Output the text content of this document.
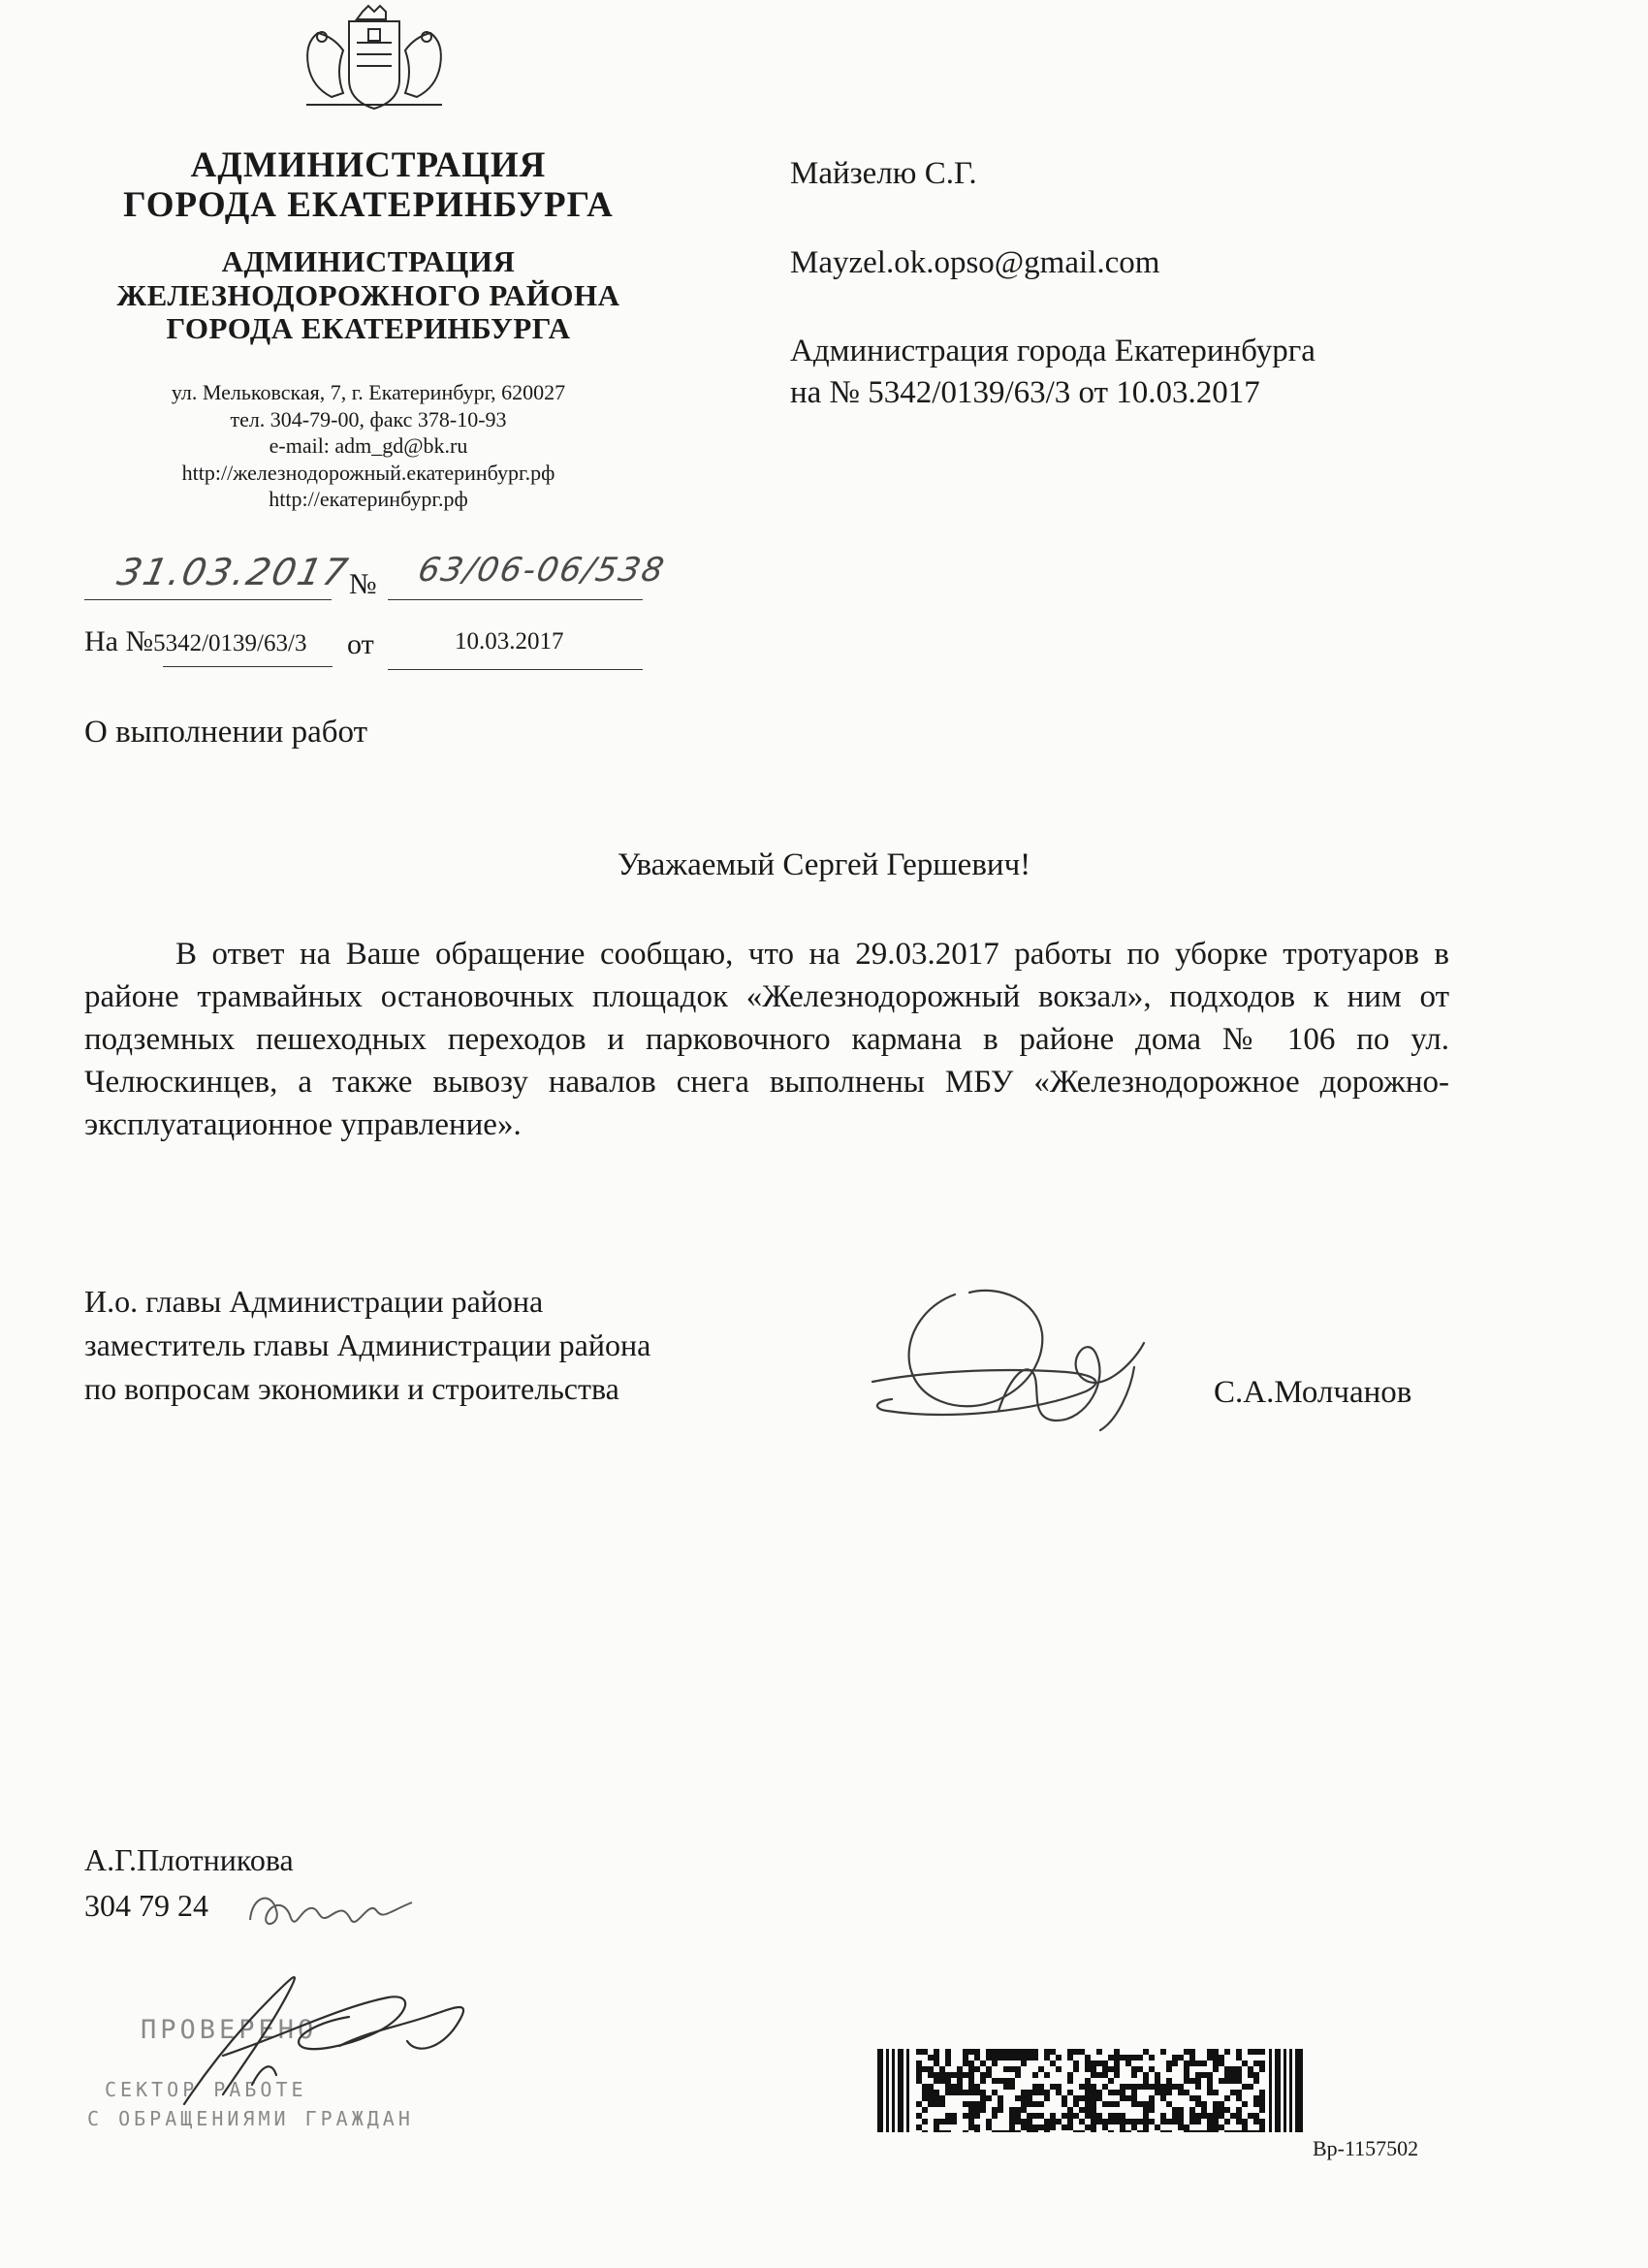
АДМИНИСТРАЦИЯ
ГОРОДА ЕКАТЕРИНБУРГА
АДМИНИСТРАЦИЯ
ЖЕЛЕЗНОДОРОЖНОГО РАЙОНА
ГОРОДА ЕКАТЕРИНБУРГА
ул. Мельковская, 7, г. Екатеринбург, 620027
тел. 304-79-00, факс 378-10-93
e-mail: adm_gd@bk.ru
http://железнодорожный.екатеринбург.рф
http://екатеринбург.рф
31.03.2017
№ 63/06-06/538
На №5342/0139/63/3 от	10.03.2017
Майзелю С.Г.
Mayzel.ok.opso@gmail.com
Администрация города Екатеринбурга
на № 5342/0139/63/3 от 10.03.2017
О выполнении работ
Уважаемый Сергей Гершевич!
В ответ на Ваше обращение сообщаю, что на 29.03.2017 работы по уборке тротуаров в районе трамвайных остановочных площадок «Железнодорожный вокзал», подходов к ним от подземных пешеходных переходов и парковочного кармана в районе дома № 106 по ул. Челюскинцев, а также вывозу навалов снега выполнены МБУ «Железнодорожное дорожно-эксплуатационное управление».
И.о. главы Администрации района
заместитель главы Администрации района
по вопросам экономики и строительства	С.А.Молчанов
А.Г.Плотникова
304 79 24
ПРОВЕРЕНО
СЕКТОР РАБОТЕ
С ОБРАЩЕНИЯМИ ГРАЖДАН
Вр-1157502
